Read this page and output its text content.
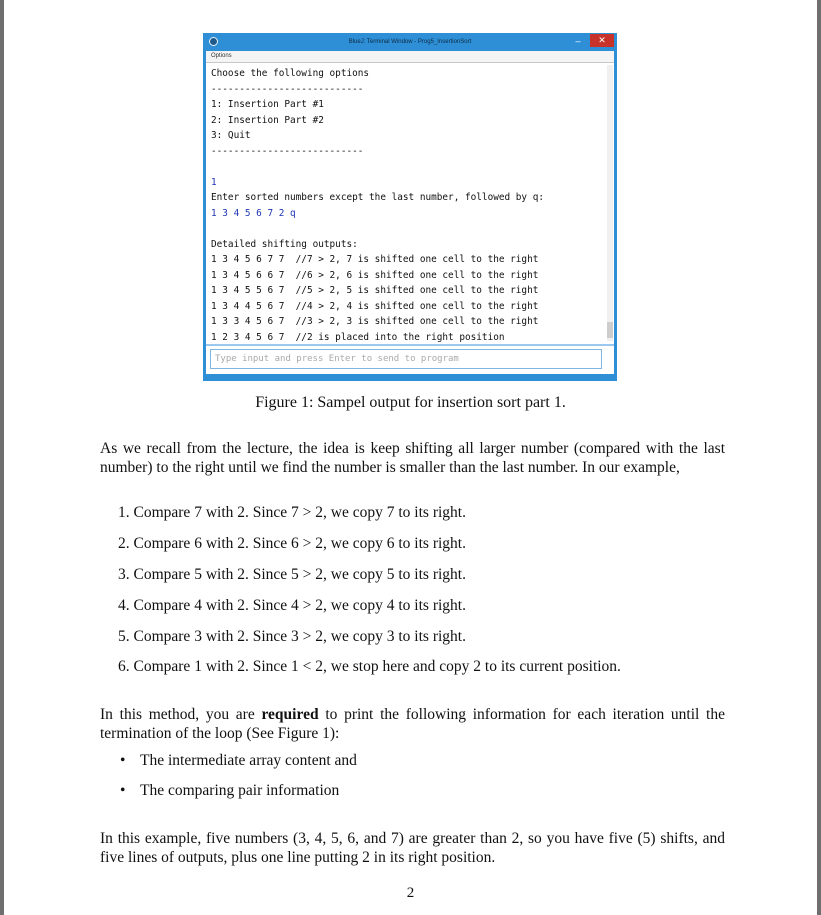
BlueJ: Terminal Window - Prog5_InsertionSort	–	✕
Options
Choose the following options
---------------------------
1: Insertion Part #1
2: Insertion Part #2
3: Quit
---------------------------
1
Enter sorted numbers except the last number, followed by q:
1 3 4 5 6 7 2 q
Detailed shifting outputs:
1 3 4 5 6 7 7  //7 > 2, 7 is shifted one cell to the right
1 3 4 5 6 6 7  //6 > 2, 6 is shifted one cell to the right
1 3 4 5 5 6 7  //5 > 2, 5 is shifted one cell to the right
1 3 4 4 5 6 7  //4 > 2, 4 is shifted one cell to the right
1 3 3 4 5 6 7  //3 > 2, 3 is shifted one cell to the right
1 2 3 4 5 6 7  //2 is placed into the right position
Type input and press Enter to send to program
Figure 1: Sampel output for insertion sort part 1.

As we recall from the lecture, the idea is keep shifting all larger number (compared with the last number) to the right until we find the number is smaller than the last number. In our example,

1. Compare 7 with 2. Since 7 > 2, we copy 7 to its right.
2. Compare 6 with 2. Since 6 > 2, we copy 6 to its right.
3. Compare 5 with 2. Since 5 > 2, we copy 5 to its right.
4. Compare 4 with 2. Since 4 > 2, we copy 4 to its right.
5. Compare 3 with 2. Since 3 > 2, we copy 3 to its right.
6. Compare 1 with 2. Since 1 < 2, we stop here and copy 2 to its current position.

In this method, you are required to print the following information for each iteration until the termination of the loop (See Figure 1):

• The intermediate array content and
• The comparing pair information

In this example, five numbers (3, 4, 5, 6, and 7) are greater than 2, so you have five (5) shifts, and five lines of outputs, plus one line putting 2 in its right position.

2
